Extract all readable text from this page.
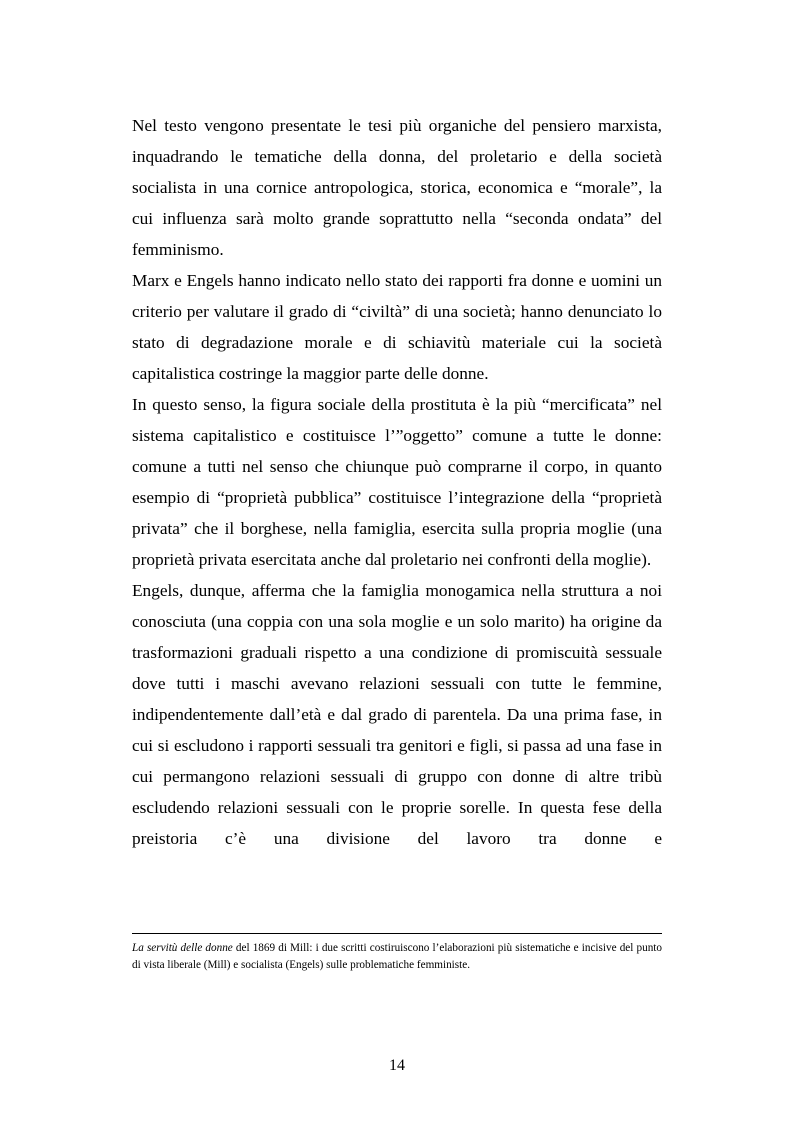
Nel testo vengono presentate le tesi più organiche del pensiero marxista, inquadrando le tematiche della donna, del proletario e della società socialista in una cornice antropologica, storica, economica e “morale”, la cui influenza sarà molto grande soprattutto nella “seconda ondata” del femminismo.

Marx e Engels hanno indicato nello stato dei rapporti fra donne e uomini un criterio per valutare il grado di “civiltà” di una società; hanno denunciato lo stato di degradazione morale e di schiavitù materiale cui la società capitalistica costringe la maggior parte delle donne.

In questo senso, la figura sociale della prostituta è la più “mercificata” nel sistema capitalistico e costituisce l’”oggetto” comune a tutte le donne: comune a tutti nel senso che chiunque può comprarne il corpo, in quanto esempio di “proprietà pubblica” costituisce l’integrazione della “proprietà privata” che il borghese, nella famiglia, esercita sulla propria moglie (una proprietà privata esercitata anche dal proletario nei confronti della moglie).

Engels, dunque, afferma che la famiglia monogamica nella struttura a noi conosciuta (una coppia con una sola moglie e un solo marito) ha origine da trasformazioni graduali rispetto a una condizione di promiscuità sessuale dove tutti i maschi avevano relazioni sessuali con tutte le femmine, indipendentemente dall’età e dal grado di parentela. Da una prima fase, in cui si escludono i rapporti sessuali tra genitori e figli, si passa ad una fase in cui permangono relazioni sessuali di gruppo con donne di altre tribù escludendo relazioni sessuali con le proprie sorelle. In questa fese della preistoria c’è una divisione del lavoro tra donne e

La servitù delle donne del 1869 di Mill: i due scritti costiruiscono l’elaborazioni più sistematiche e incisive del punto di vista liberale (Mill) e socialista (Engels) sulle problematiche femministe.
14
